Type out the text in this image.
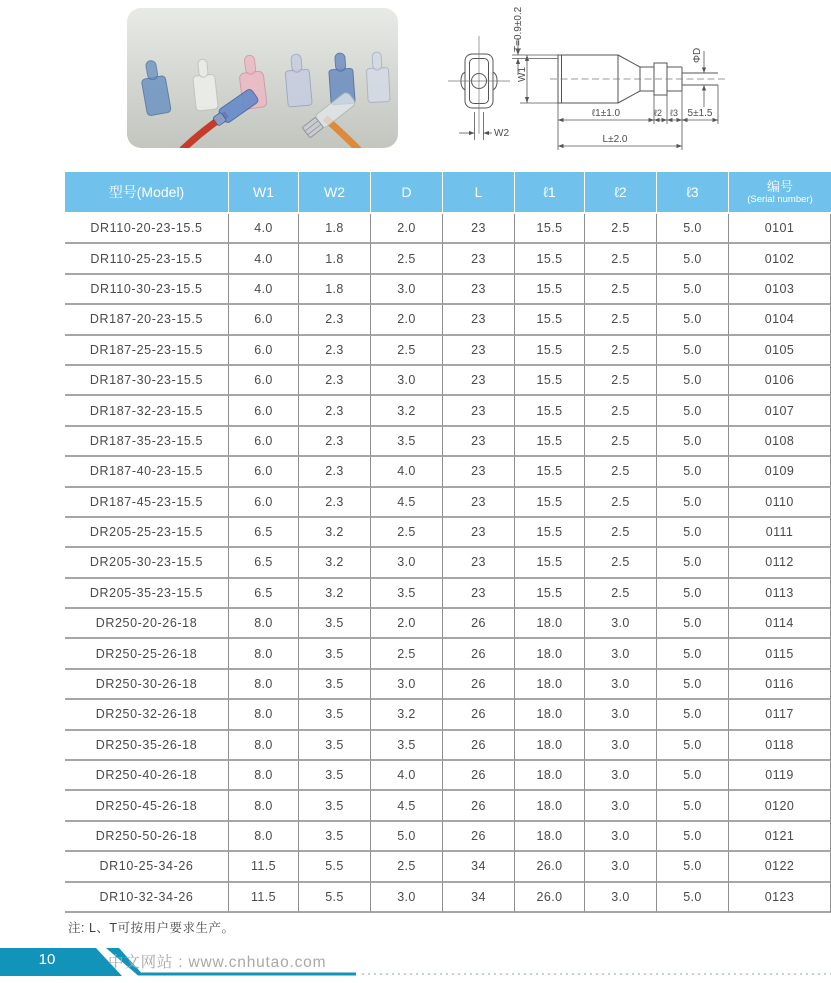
W2
T=0.9±0.2
W1
ΦD
ℓ1±1.0	ℓ2 ℓ3 5±1.5
L±2.0
型号(Model)	W1	W2	D	L	ℓ1	ℓ2	ℓ3	编号
(Serial number)

DR110-20-23-15.5	4.0	1.8	2.0	23	15.5	2.5	5.0	0101
DR110-25-23-15.5	4.0	1.8	2.5	23	15.5	2.5	5.0	0102
DR110-30-23-15.5	4.0	1.8	3.0	23	15.5	2.5	5.0	0103
DR187-20-23-15.5	6.0	2.3	2.0	23	15.5	2.5	5.0	0104
DR187-25-23-15.5	6.0	2.3	2.5	23	15.5	2.5	5.0	0105
DR187-30-23-15.5	6.0	2.3	3.0	23	15.5	2.5	5.0	0106
DR187-32-23-15.5	6.0	2.3	3.2	23	15.5	2.5	5.0	0107
DR187-35-23-15.5	6.0	2.3	3.5	23	15.5	2.5	5.0	0108
DR187-40-23-15.5	6.0	2.3	4.0	23	15.5	2.5	5.0	0109
DR187-45-23-15.5	6.0	2.3	4.5	23	15.5	2.5	5.0	0110
DR205-25-23-15.5	6.5	3.2	2.5	23	15.5	2.5	5.0	0111
DR205-30-23-15.5	6.5	3.2	3.0	23	15.5	2.5	5.0	0112
DR205-35-23-15.5	6.5	3.2	3.5	23	15.5	2.5	5.0	0113
DR250-20-26-18	8.0	3.5	2.0	26	18.0	3.0	5.0	0114
DR250-25-26-18	8.0	3.5	2.5	26	18.0	3.0	5.0	0115
DR250-30-26-18	8.0	3.5	3.0	26	18.0	3.0	5.0	0116
DR250-32-26-18	8.0	3.5	3.2	26	18.0	3.0	5.0	0117
DR250-35-26-18	8.0	3.5	3.5	26	18.0	3.0	5.0	0118
DR250-40-26-18	8.0	3.5	4.0	26	18.0	3.0	5.0	0119
DR250-45-26-18	8.0	3.5	4.5	26	18.0	3.0	5.0	0120
DR250-50-26-18	8.0	3.5	5.0	26	18.0	3.0	5.0	0121
DR10-25-34-26	11.5	5.5	2.5	34	26.0	3.0	5.0	0122
DR10-32-34-26	11.5	5.5	3.0	34	26.0	3.0	5.0	0123
注: L、T可按用户要求生产。
10	中文网站 : www.cnhutao.com
